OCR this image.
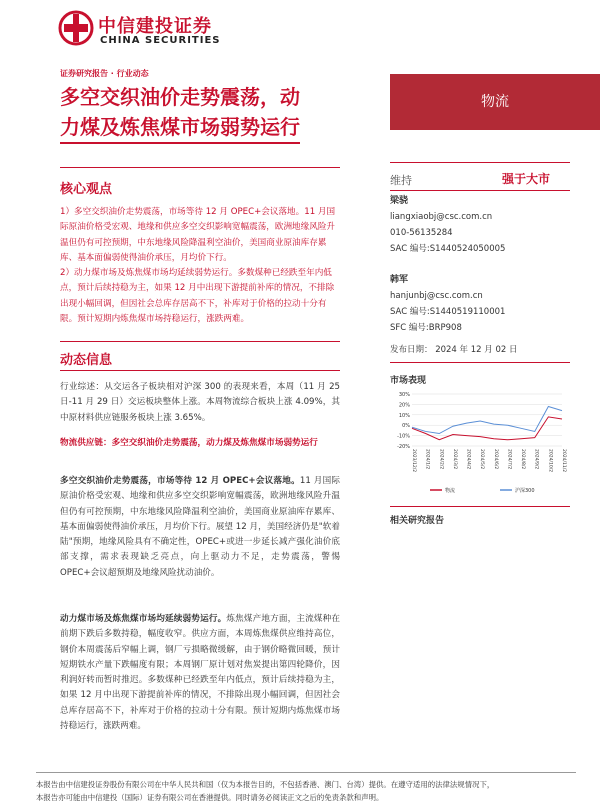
中信建投证券
CHINA SECURITIES
证券研究报告 · 行业动态
多空交织油价走势震荡，动
力煤及炼焦煤市场弱势运行
物流
核心观点
1）多空交织油价走势震荡，市场等待 12 月 OPEC+会议落地。11 月国际原油价格受宏观、地缘和供应多空交织影响宽幅震荡，欧洲地缘风险升温但仍有可控预期，中东地缘风险降温利空油价，美国商业原油库存累库、基本面偏弱使得油价承压，月均价下行。
2）动力煤市场及炼焦煤市场均延续弱势运行。多数煤种已经跌至年内低点，预计后续持稳为主，如果 12 月中出现下游提前补库的情况，不排除出现小幅回调，但因社会总库存居高不下，补库对于价格的拉动十分有限。预计短期内炼焦煤市场持稳运行，涨跌两难。
动态信息
行业综述：从交运各子板块相对沪深 300 的表现来看，本周（11 月 25 日-11 月 29 日）交运板块整体上涨。本周物流综合板块上涨 4.09%，其中原材料供应链服务板块上涨 3.65%。
物流供应链：多空交织油价走势震荡，动力煤及炼焦煤市场弱势运行
多空交织油价走势震荡，市场等待 12 月 OPEC+会议落地。11 月国际原油价格受宏观、地缘和供应多空交织影响宽幅震荡，欧洲地缘风险升温但仍有可控预期，中东地缘风险降温利空油价，美国商业原油库存累库、基本面偏弱使得油价承压，月均价下行。展望 12 月，美国经济仍是"软着陆"预期，地缘风险具有不确定性，OPEC+或进一步延长减产强化油价底部支撑，需求表现缺乏亮点，向上驱动力不足，走势震荡，警惕 OPEC+会议超预期及地缘风险扰动油价。
动力煤市场及炼焦煤市场均延续弱势运行。炼焦煤产地方面，主流煤种在前期下跌后多数持稳，幅度收窄。供应方面，本周炼焦煤供应维持高位，钢价本周震荡后窄幅上调，钢厂亏损略微缓解，由于钢价略微回暖，预计短期铁水产量下跌幅度有限；本周钢厂原计划对焦炭提出第四轮降价，因利润好转而暂时推迟。多数煤种已经跌至年内低点，预计后续持稳为主，如果 12 月中出现下游提前补库的情况，不排除出现小幅回调，但因社会总库存居高不下，补库对于价格的拉动十分有限。预计短期内炼焦煤市场持稳运行，涨跌两难。
维持	强于大市
梁骁
liangxiaobj@csc.com.cn
010-56135284
SAC 编号:S1440524050005
韩军
hanjunbj@csc.com.cn
SAC 编号:S1440519110001
SFC 编号:BRP908
发布日期： 2024 年 12 月 02 日
市场表现
30%
20%
10%
0%
-10%
-20%
2023/12/2 2024/1/2 2024/2/2 2024/3/2 2024/4/2 2024/5/2 2024/6/2 2024/7/2 2024/8/2 2024/9/2 2024/10/2 2024/11/2
物流	沪深300
相关研究报告
本报告由中信建投证券股份有限公司在中华人民共和国（仅为本报告目的，不包括香港、澳门、台湾）提供。在遵守适用的法律法规情况下，
本报告亦可能由中信建投（国际）证券有限公司在香港提供。同时请务必阅读正文之后的免责条款和声明。
